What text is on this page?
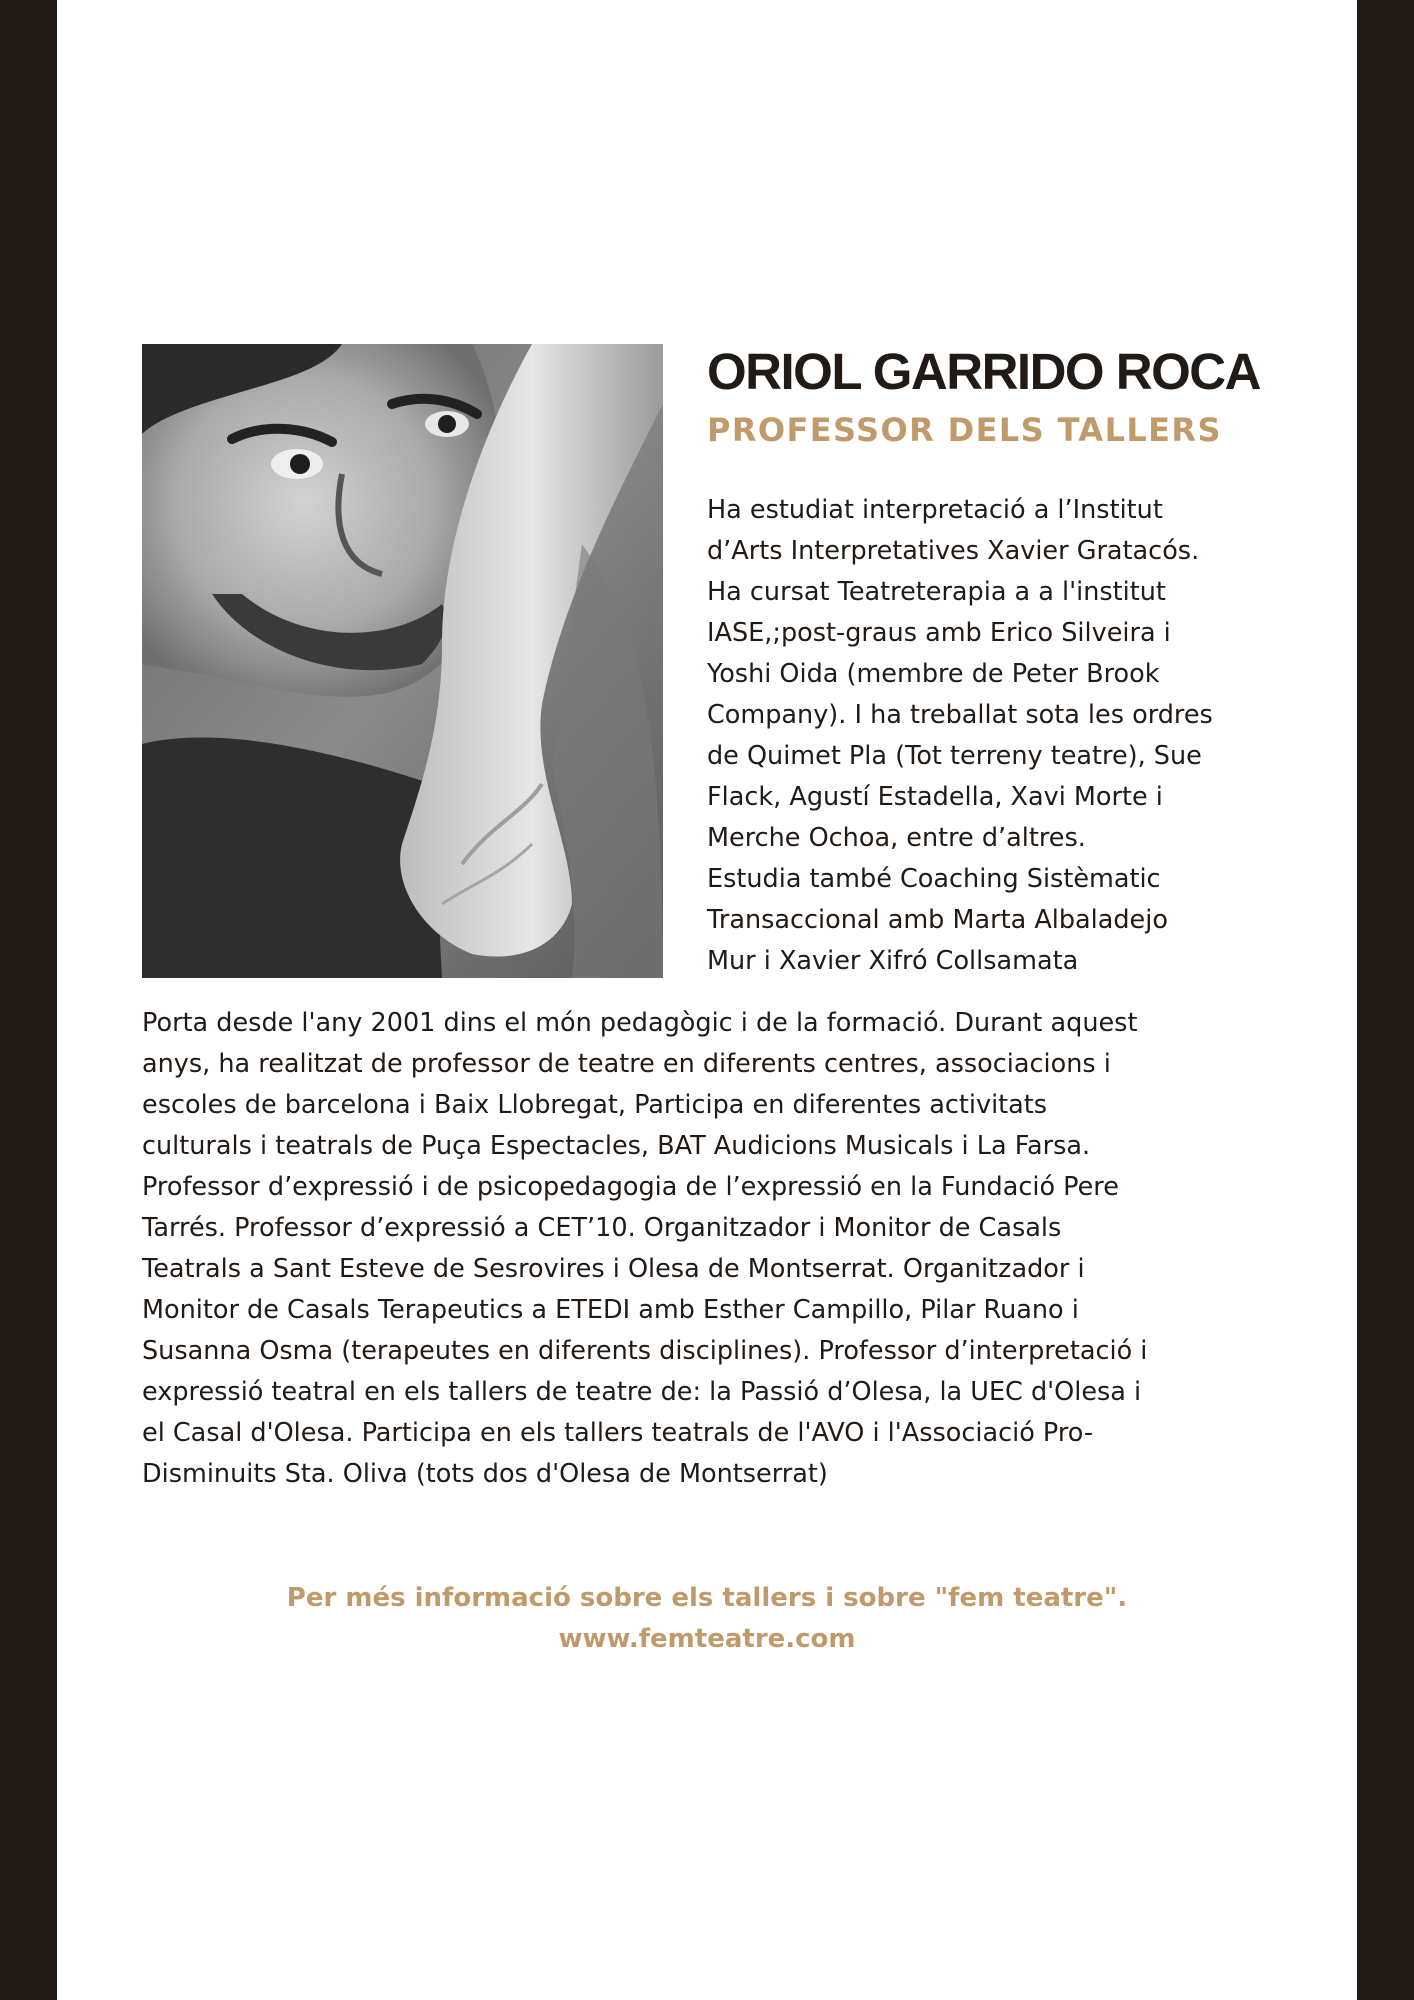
ORIOL GARRIDO ROCA
PROFESSOR DELS TALLERS

Ha estudiat interpretació a l’Institut
d’Arts Interpretatives Xavier Gratacós.
Ha cursat Teatreterapia a a l'institut
IASE,;post-graus amb Erico Silveira i
Yoshi Oida (membre de Peter Brook
Company). I ha treballat sota les ordres
de Quimet Pla (Tot terreny teatre), Sue
Flack, Agustí Estadella, Xavi Morte i
Merche Ochoa, entre d’altres.
Estudia també Coaching Sistèmatic
Transaccional amb Marta Albaladejo
Mur i Xavier Xifró Collsamata

Porta desde l'any 2001 dins el món pedagògic i de la formació. Durant aquest
anys, ha realitzat de professor de teatre en diferents centres, associacions i
escoles de barcelona i Baix Llobregat, Participa en diferentes activitats
culturals i teatrals de Puça Espectacles, BAT Audicions Musicals i La Farsa.
Professor d’expressió i de psicopedagogia de l’expressió en la Fundació Pere
Tarrés. Professor d’expressió a CET’10. Organitzador i Monitor de Casals
Teatrals a Sant Esteve de Sesrovires i Olesa de Montserrat. Organitzador i
Monitor de Casals Terapeutics a ETEDI amb Esther Campillo, Pilar Ruano i
Susanna Osma (terapeutes en diferents disciplines). Professor d’interpretació i
expressió teatral en els tallers de teatre de: la Passió d’Olesa, la UEC d'Olesa i
el Casal d'Olesa. Participa en els tallers teatrals de l'AVO i l'Associació Pro-
Disminuits Sta. Oliva (tots dos d'Olesa de Montserrat)

Per més informació sobre els tallers i sobre "fem teatre".

www.femteatre.com
